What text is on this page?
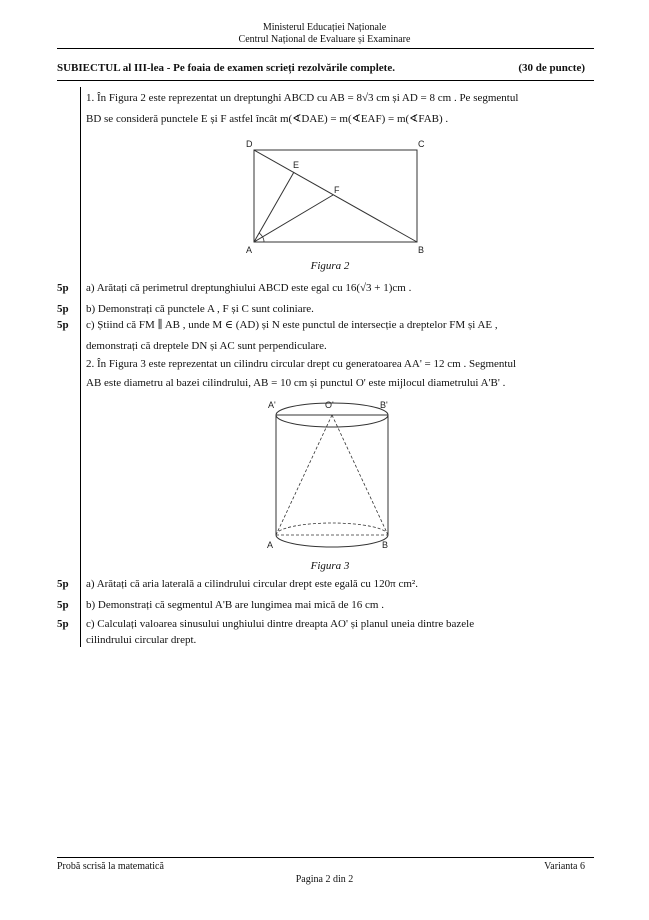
Ministerul Educației Naționale
Centrul Național de Evaluare și Examinare
SUBIECTUL al III-lea - Pe foaia de examen scrieți rezolvările complete.	(30 de puncte)
1. În Figura 2 este reprezentat un dreptunghi ABCD cu AB = 8√3 cm și AD = 8 cm . Pe segmentul
BD se consideră punctele E și F astfel încât m(∢DAE) = m(∢EAF) = m(∢FAB) .
D	C
A	B
E
F
Figura 2
5p a) Arătați că perimetrul dreptunghiului ABCD este egal cu 16(√3 + 1)cm .
5p b) Demonstrați că punctele A , F și C sunt coliniare.
5p c) Știind că FM ∥ AB , unde M ∈ (AD) și N este punctul de intersecție a dreptelor FM și AE ,
demonstrați că dreptele DN și AC sunt perpendiculare.
2. În Figura 3 este reprezentat un cilindru circular drept cu generatoarea AA' = 12 cm . Segmentul
AB este diametru al bazei cilindrului, AB = 10 cm și punctul O' este mijlocul diametrului A'B' .
A'	O'	B'
A	B
Figura 3
5p a) Arătați că aria laterală a cilindrului circular drept este egală cu 120π cm².
5p b) Demonstrați că segmentul A'B are lungimea mai mică de 16 cm .
5p c) Calculați valoarea sinusului unghiului dintre dreapta AO' și planul uneia dintre bazele
cilindrului circular drept.
Probă scrisă la matematică	Varianta 6
Pagina 2 din 2
